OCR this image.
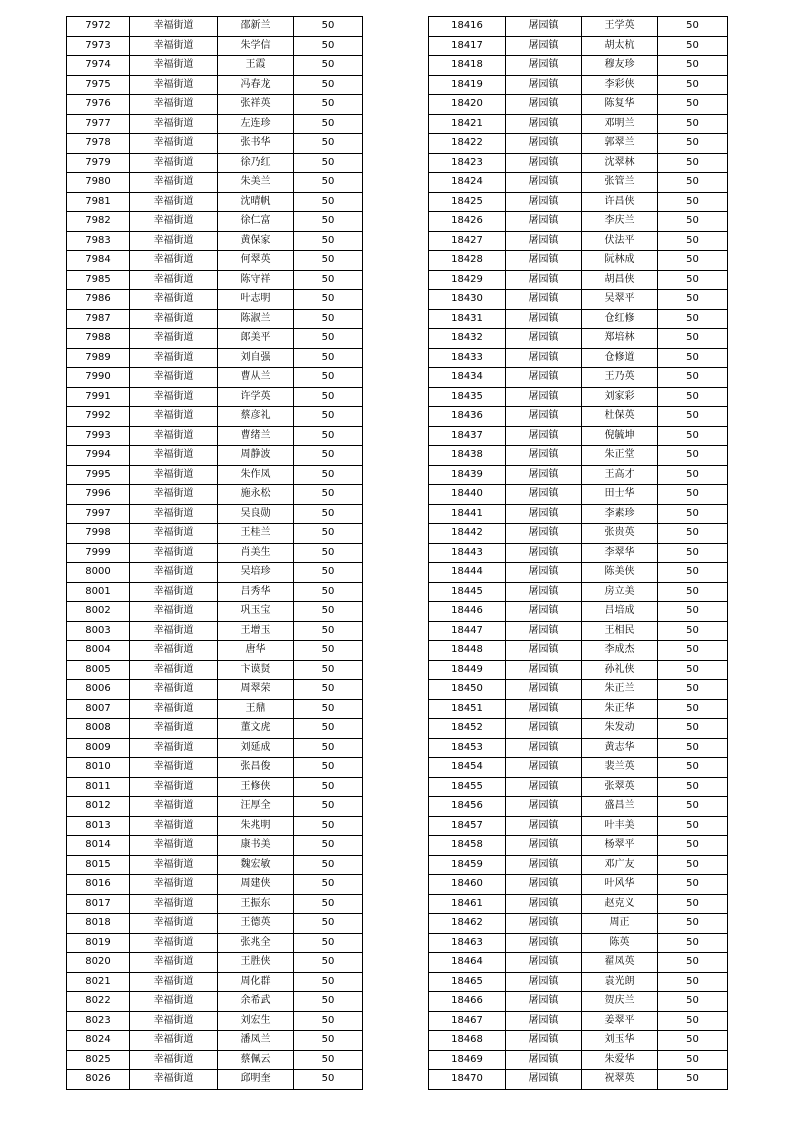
7972	幸福街道	邵新兰	50
7973	幸福街道	朱学信	50
7974	幸福街道	王霞	50
7975	幸福街道	冯春龙	50
7976	幸福街道	张祥英	50
7977	幸福街道	左连珍	50
7978	幸福街道	张书华	50
7979	幸福街道	徐乃红	50
7980	幸福街道	朱美兰	50
7981	幸福街道	沈晴帆	50
7982	幸福街道	徐仁富	50
7983	幸福街道	黄保家	50
7984	幸福街道	何翠英	50
7985	幸福街道	陈守祥	50
7986	幸福街道	叶志明	50
7987	幸福街道	陈淑兰	50
7988	幸福街道	郎美平	50
7989	幸福街道	刘自强	50
7990	幸福街道	曹从兰	50
7991	幸福街道	许学英	50
7992	幸福街道	蔡彦礼	50
7993	幸福街道	曹绪兰	50
7994	幸福街道	周静波	50
7995	幸福街道	朱作凤	50
7996	幸福街道	施永松	50
7997	幸福街道	吴良勋	50
7998	幸福街道	王桂兰	50
7999	幸福街道	肖美生	50
8000	幸福街道	吴培珍	50
8001	幸福街道	吕秀华	50
8002	幸福街道	巩玉宝	50
8003	幸福街道	王增玉	50
8004	幸福街道	唐华	50
8005	幸福街道	卞谟贤	50
8006	幸福街道	周翠荣	50
8007	幸福街道	王鼎	50
8008	幸福街道	董文虎	50
8009	幸福街道	刘延成	50
8010	幸福街道	张昌俊	50
8011	幸福街道	王修侠	50
8012	幸福街道	汪厚全	50
8013	幸福街道	朱兆明	50
8014	幸福街道	康书美	50
8015	幸福街道	魏宏敏	50
8016	幸福街道	周建侠	50
8017	幸福街道	王振东	50
8018	幸福街道	王德英	50
8019	幸福街道	张兆全	50
8020	幸福街道	王胜侠	50
8021	幸福街道	周化群	50
8022	幸福街道	余希武	50
8023	幸福街道	刘宏生	50
8024	幸福街道	潘凤兰	50
8025	幸福街道	蔡佩云	50
8026	幸福街道	邱明奎	50
18416	屠园镇	王学英	50
18417	屠园镇	胡太杭	50
18418	屠园镇	穆友珍	50
18419	屠园镇	李彩侠	50
18420	屠园镇	陈复华	50
18421	屠园镇	邓明兰	50
18422	屠园镇	郭翠兰	50
18423	屠园镇	沈翠林	50
18424	屠园镇	张管兰	50
18425	屠园镇	许昌侠	50
18426	屠园镇	李庆兰	50
18427	屠园镇	伏法平	50
18428	屠园镇	阮林成	50
18429	屠园镇	胡昌侠	50
18430	屠园镇	吴翠平	50
18431	屠园镇	仓红修	50
18432	屠园镇	郑培林	50
18433	屠园镇	仓修道	50
18434	屠园镇	王乃英	50
18435	屠园镇	刘家彩	50
18436	屠园镇	杜保英	50
18437	屠园镇	倪毓坤	50
18438	屠园镇	朱正堂	50
18439	屠园镇	王高才	50
18440	屠园镇	田士华	50
18441	屠园镇	李素珍	50
18442	屠园镇	张贵英	50
18443	屠园镇	李翠华	50
18444	屠园镇	陈美侠	50
18445	屠园镇	房立美	50
18446	屠园镇	吕培成	50
18447	屠园镇	王相民	50
18448	屠园镇	李成杰	50
18449	屠园镇	孙礼侠	50
18450	屠园镇	朱正兰	50
18451	屠园镇	朱正华	50
18452	屠园镇	朱发动	50
18453	屠园镇	黄志华	50
18454	屠园镇	裴兰英	50
18455	屠园镇	张翠英	50
18456	屠园镇	盛昌兰	50
18457	屠园镇	叶丰美	50
18458	屠园镇	杨翠平	50
18459	屠园镇	邓广友	50
18460	屠园镇	叶风华	50
18461	屠园镇	赵克义	50
18462	屠园镇	周正	50
18463	屠园镇	陈英	50
18464	屠园镇	翟凤英	50
18465	屠园镇	袁光朗	50
18466	屠园镇	贺庆兰	50
18467	屠园镇	姜翠平	50
18468	屠园镇	刘玉华	50
18469	屠园镇	朱爱华	50
18470	屠园镇	祝翠英	50
